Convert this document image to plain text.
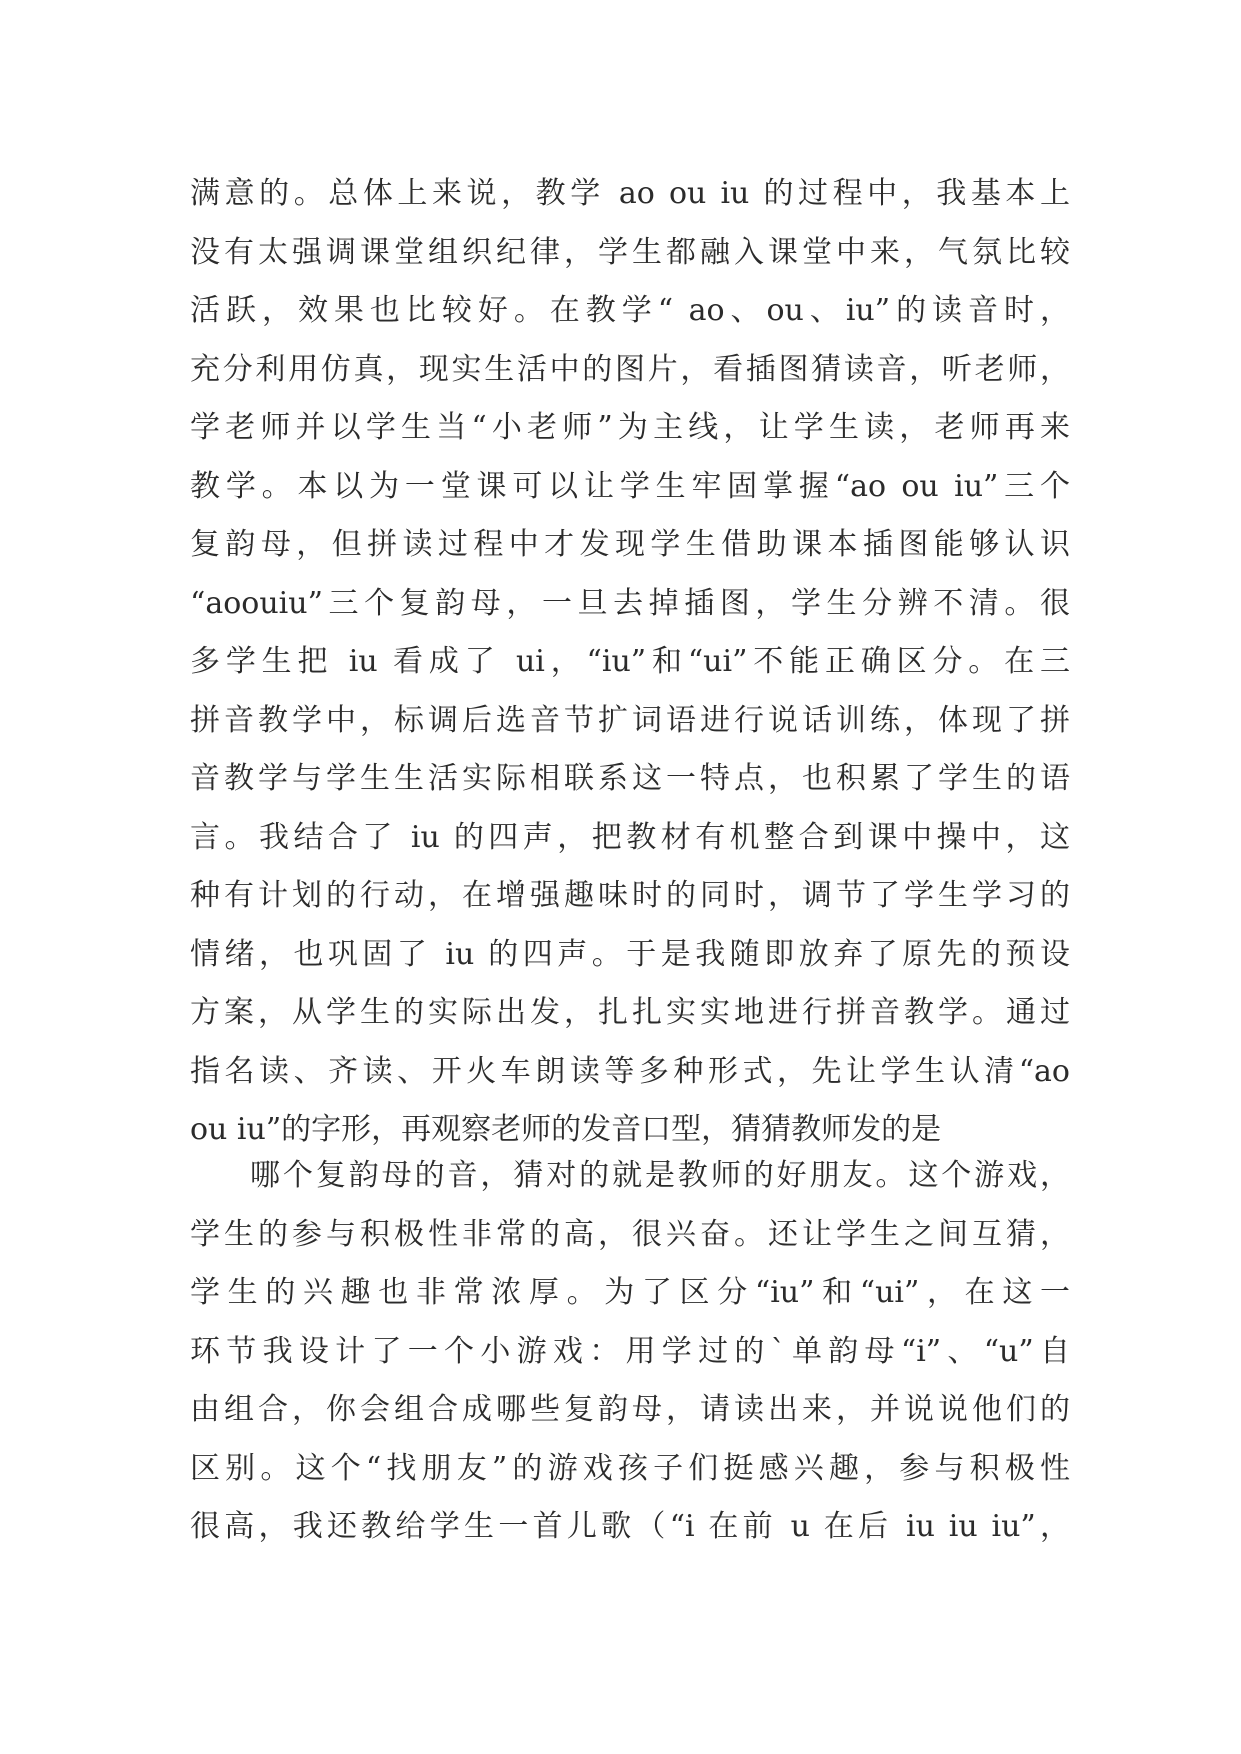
满意的。总体上来说，教学 ao ou iu 的过程中，我基本上
没有太强调课堂组织纪律，学生都融入课堂中来，气氛比较
活跃，效果也比较好。在教学“ ao、ou、iu”的读音时，
充分利用仿真，现实生活中的图片，看插图猜读音，听老师，
学老师并以学生当“小老师”为主线，让学生读，老师再来
教学。本以为一堂课可以让学生牢固掌握“ao ou iu”三个
复韵母，但拼读过程中才发现学生借助课本插图能够认识
“aoouiu”三个复韵母，一旦去掉插图，学生分辨不清。很
多学生把 iu 看成了 ui，“iu”和“ui”不能正确区分。在三
拼音教学中，标调后选音节扩词语进行说话训练，体现了拼
音教学与学生生活实际相联系这一特点，也积累了学生的语
言。我结合了 iu 的四声，把教材有机整合到课中操中，这
种有计划的行动，在增强趣味时的同时，调节了学生学习的
情绪，也巩固了 iu 的四声。于是我随即放弃了原先的预设
方案，从学生的实际出发，扎扎实实地进行拼音教学。通过
指名读、齐读、开火车朗读等多种形式，先让学生认清“ao
ou iu”的字形，再观察老师的发音口型，猜猜教师发的是
哪个复韵母的音，猜对的就是教师的好朋友。这个游戏，
学生的参与积极性非常的高，很兴奋。还让学生之间互猜，
学生的兴趣也非常浓厚。为了区分“iu”和“ui”，在这一
环节我设计了一个小游戏：用学过的`单韵母“i”、“u”自
由组合，你会组合成哪些复韵母，请读出来，并说说他们的
区别。这个“找朋友”的游戏孩子们挺感兴趣，参与积极性
很高，我还教给学生一首儿歌（“i 在前 u 在后 iu iu iu”，
